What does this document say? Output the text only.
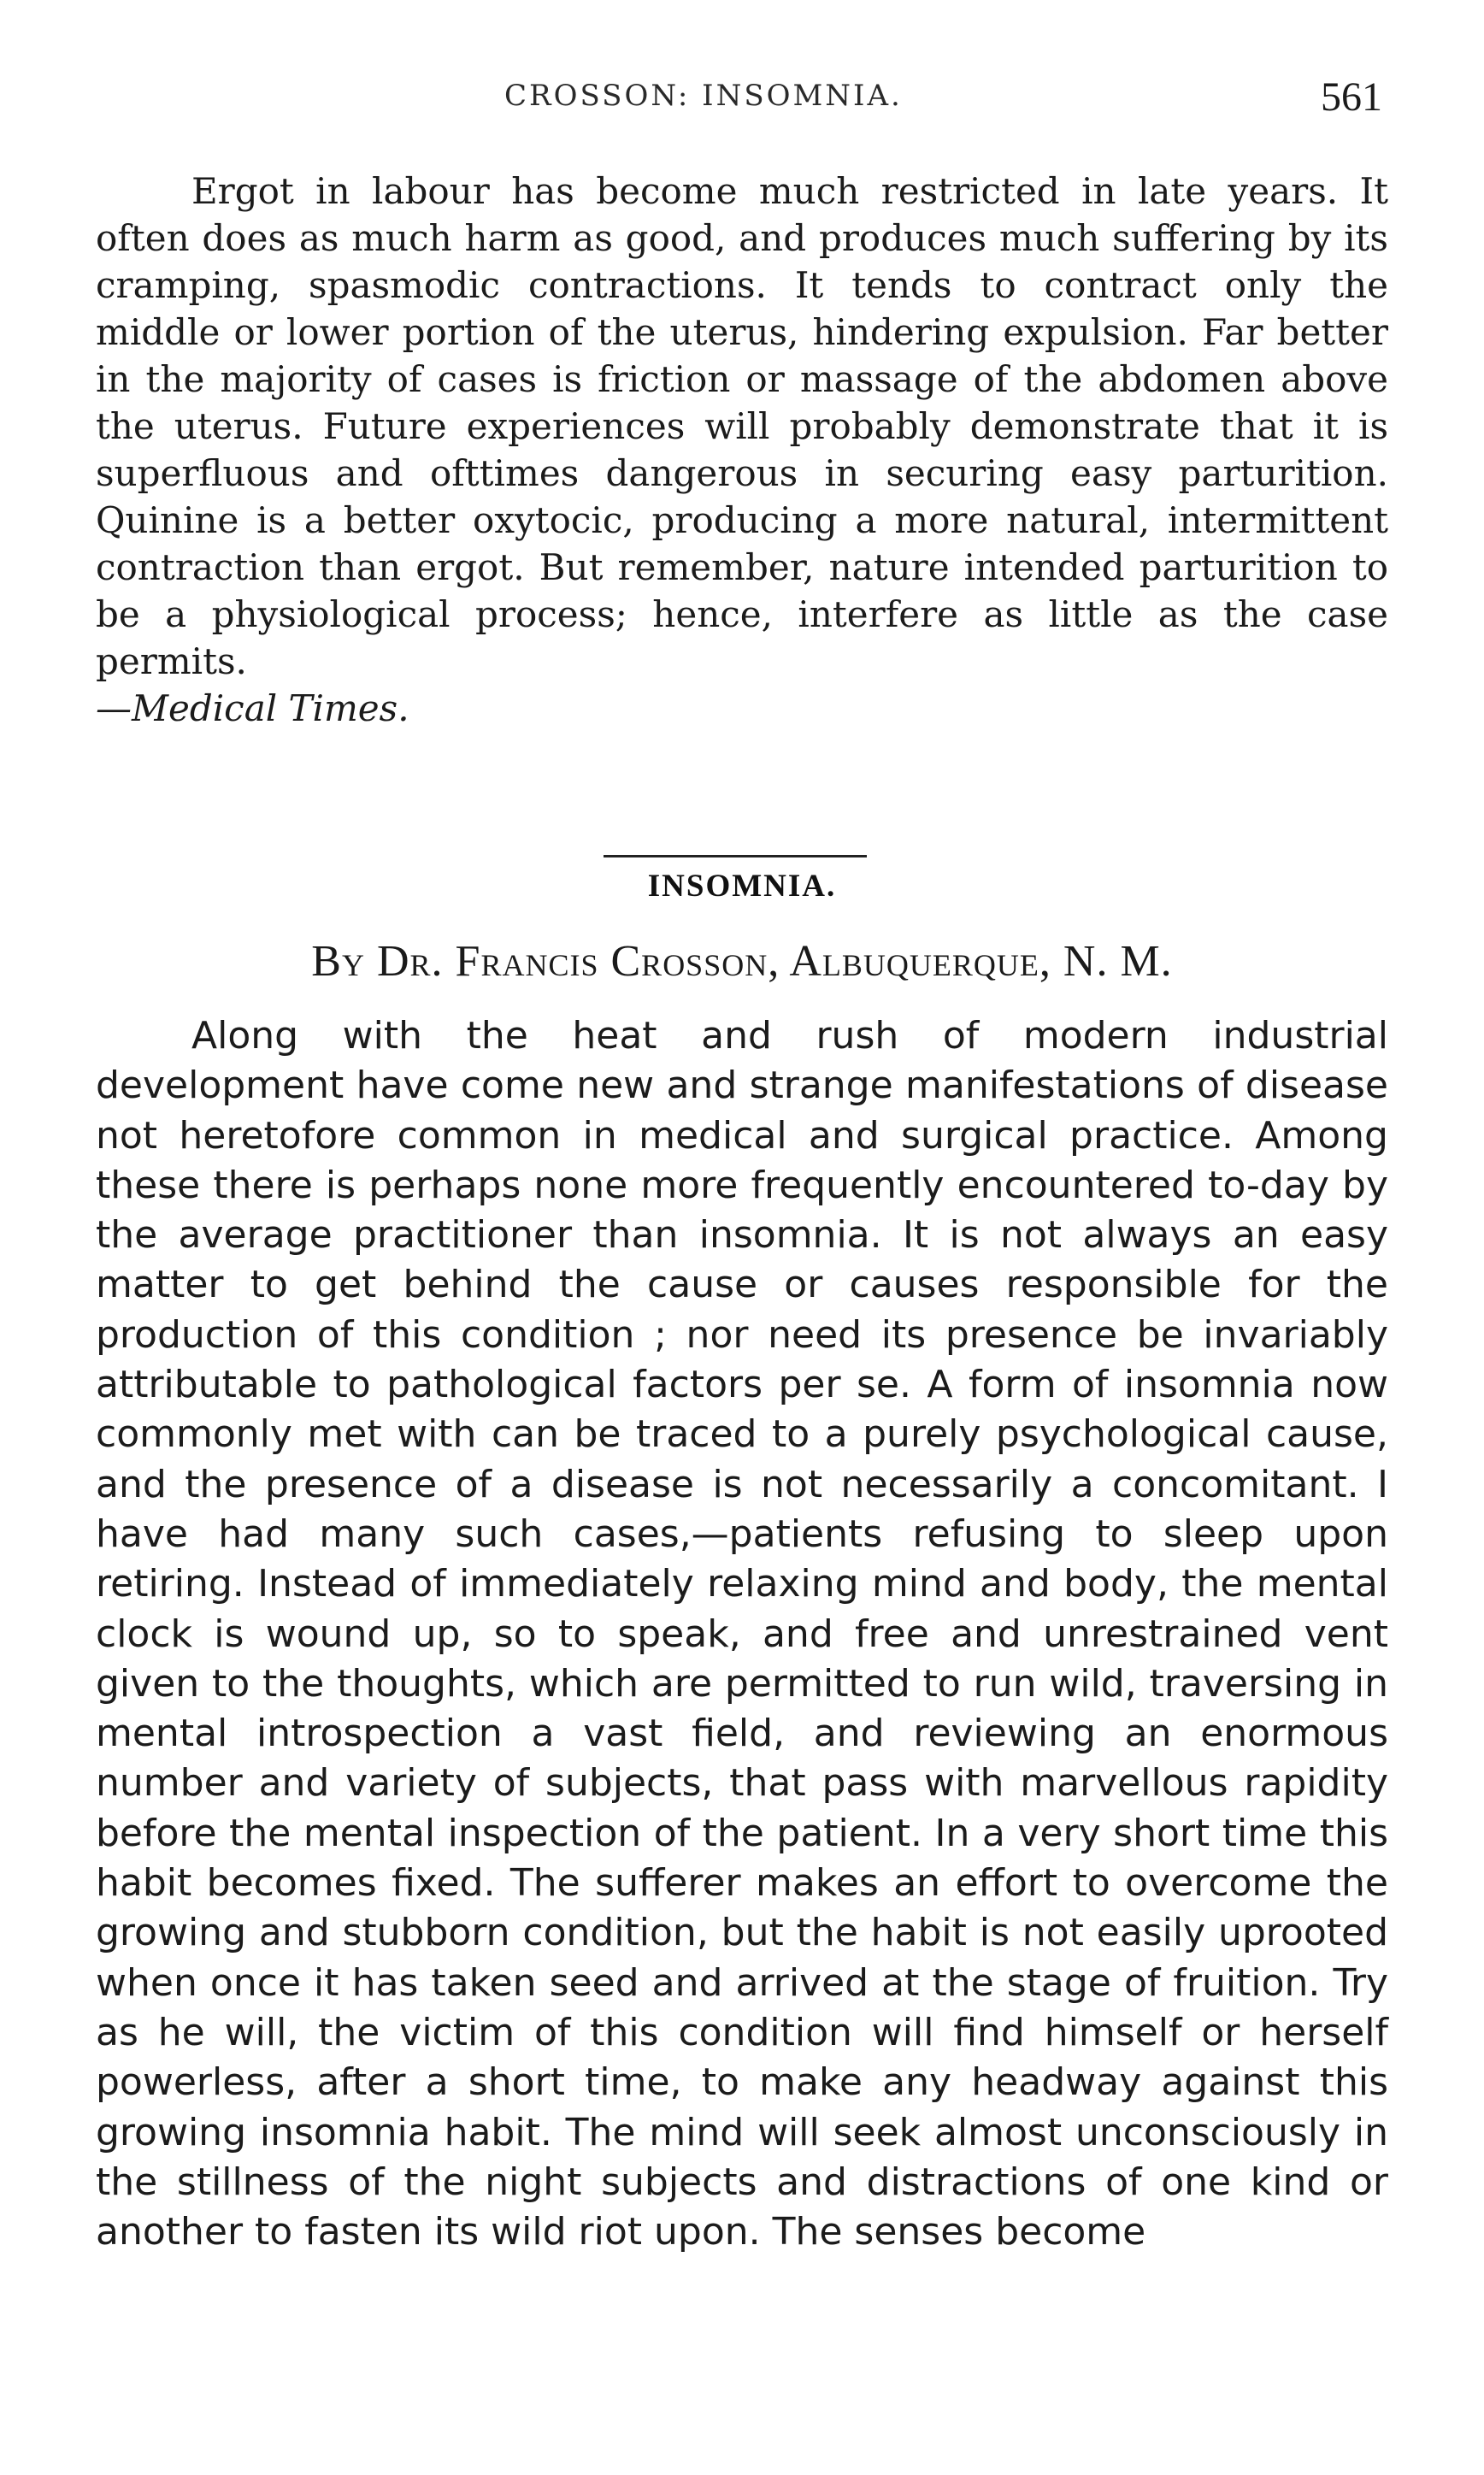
CROSSON: INSOMNIA.	561

Ergot in labour has become much restricted in late years. It often does as much harm as good, and produces much suffering by its cramping, spasmodic contractions. It tends to contract only the middle or lower portion of the uterus, hindering expulsion. Far better in the majority of cases is friction or massage of the abdomen above the uterus. Future experiences will probably demonstrate that it is superfluous and ofttimes dangerous in securing easy parturition. Quinine is a better oxytocic, producing a more natural, intermittent contraction than ergot. But remember, nature intended parturition to be a physiological process; hence, interfere as little as the case permits.
—Medical Times.

INSOMNIA.
By Dr. Francis Crosson, Albuquerque, N. M.

Along with the heat and rush of modern industrial development have come new and strange manifestations of disease not heretofore common in medical and surgical practice. Among these there is perhaps none more frequently encountered to-day by the average practitioner than insomnia. It is not always an easy matter to get behind the cause or causes responsible for the production of this condition ; nor need its presence be invariably attributable to pathological factors per se. A form of insomnia now commonly met with can be traced to a purely psychological cause, and the presence of a disease is not necessarily a concomitant. I have had many such cases,—patients refusing to sleep upon retiring. Instead of immediately relaxing mind and body, the mental clock is wound up, so to speak, and free and unrestrained vent given to the thoughts, which are permitted to run wild, traversing in mental introspection a vast field, and reviewing an enormous number and variety of subjects, that pass with marvellous rapidity before the mental inspection of the patient. In a very short time this habit becomes fixed. The sufferer makes an effort to overcome the growing and stubborn condition, but the habit is not easily uprooted when once it has taken seed and arrived at the stage of fruition. Try as he will, the victim of this condition will find himself or herself powerless, after a short time, to make any headway against this growing insomnia habit. The mind will seek almost unconsciously in the stillness of the night subjects and distractions of one kind or another to fasten its wild riot upon. The senses become
